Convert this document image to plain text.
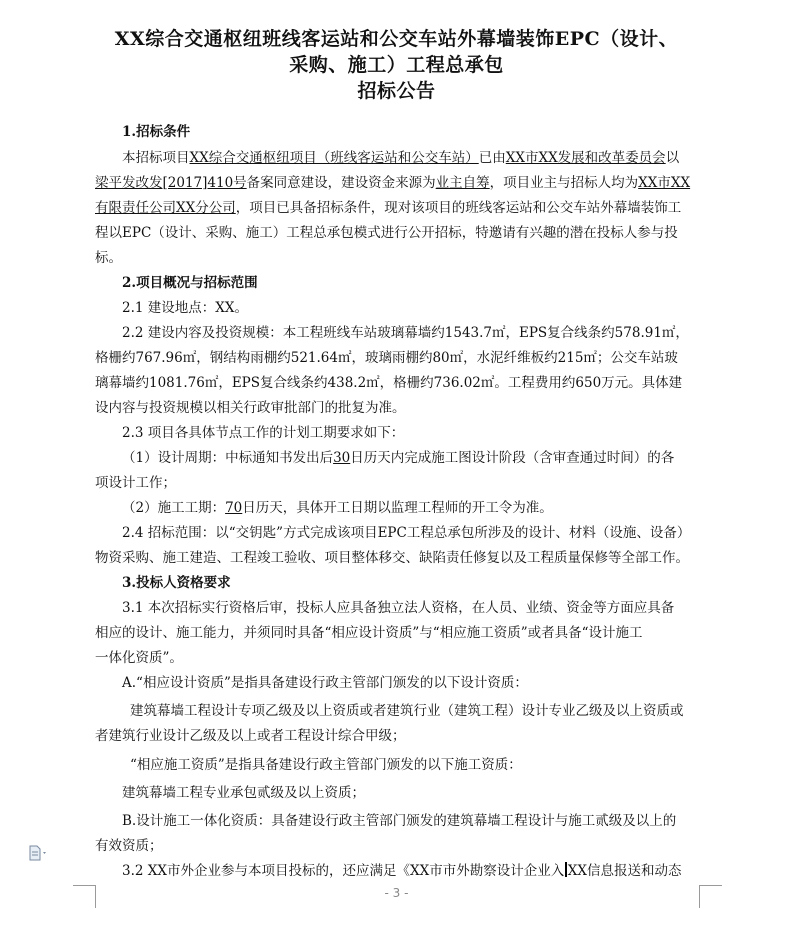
XX综合交通枢纽班线客运站和公交车站外幕墙装饰EPC（设计、
采购、施工）工程总承包
招标公告
1.招标条件
本招标项目XX综合交通枢纽项目（班线客运站和公交车站）已由XX市XX发展和改革委员会以
梁平发改发[2017]410号备案同意建设，建设资金来源为业主自筹，项目业主与招标人均为XX市XX
有限责任公司XX分公司，项目已具备招标条件，现对该项目的班线客运站和公交车站外幕墙装饰工
程以EPC（设计、采购、施工）工程总承包模式进行公开招标，特邀请有兴趣的潜在投标人参与投
标。
2.项目概况与招标范围
2.1 建设地点：XX。
2.2 建设内容及投资规模：本工程班线车站玻璃幕墙约1543.7㎡，EPS复合线条约578.91㎡，
格栅约767.96㎡，钢结构雨棚约521.64㎡，玻璃雨棚约80㎡，水泥纤维板约215㎡；公交车站玻
璃幕墙约1081.76㎡，EPS复合线条约438.2㎡，格栅约736.02㎡。工程费用约650万元。具体建
设内容与投资规模以相关行政审批部门的批复为准。
2.3 项目各具体节点工作的计划工期要求如下：
（1）设计周期：中标通知书发出后30日历天内完成施工图设计阶段（含审查通过时间）的各
项设计工作；
（2）施工工期：70日历天，具体开工日期以监理工程师的开工令为准。
2.4 招标范围：以“交钥匙”方式完成该项目EPC工程总承包所涉及的设计、材料（设施、设备）
物资采购、施工建造、工程竣工验收、项目整体移交、缺陷责任修复以及工程质量保修等全部工作。
3.投标人资格要求
3.1 本次招标实行资格后审，投标人应具备独立法人资格，在人员、业绩、资金等方面应具备
相应的设计、施工能力，并须同时具备“相应设计资质”与“相应施工资质”或者具备“设计施工
一体化资质”。
A.“相应设计资质”是指具备建设行政主管部门颁发的以下设计资质：
建筑幕墙工程设计专项乙级及以上资质或者建筑行业（建筑工程）设计专业乙级及以上资质或
者建筑行业设计乙级及以上或者工程设计综合甲级；
“相应施工资质”是指具备建设行政主管部门颁发的以下施工资质：
建筑幕墙工程专业承包贰级及以上资质；
B.设计施工一体化资质：具备建设行政主管部门颁发的建筑幕墙工程设计与施工贰级及以上的
有效资质；
3.2 XX市外企业参与本项目投标的，还应满足《XX市市外勘察设计企业入 XX信息报送和动态
- 3 -
